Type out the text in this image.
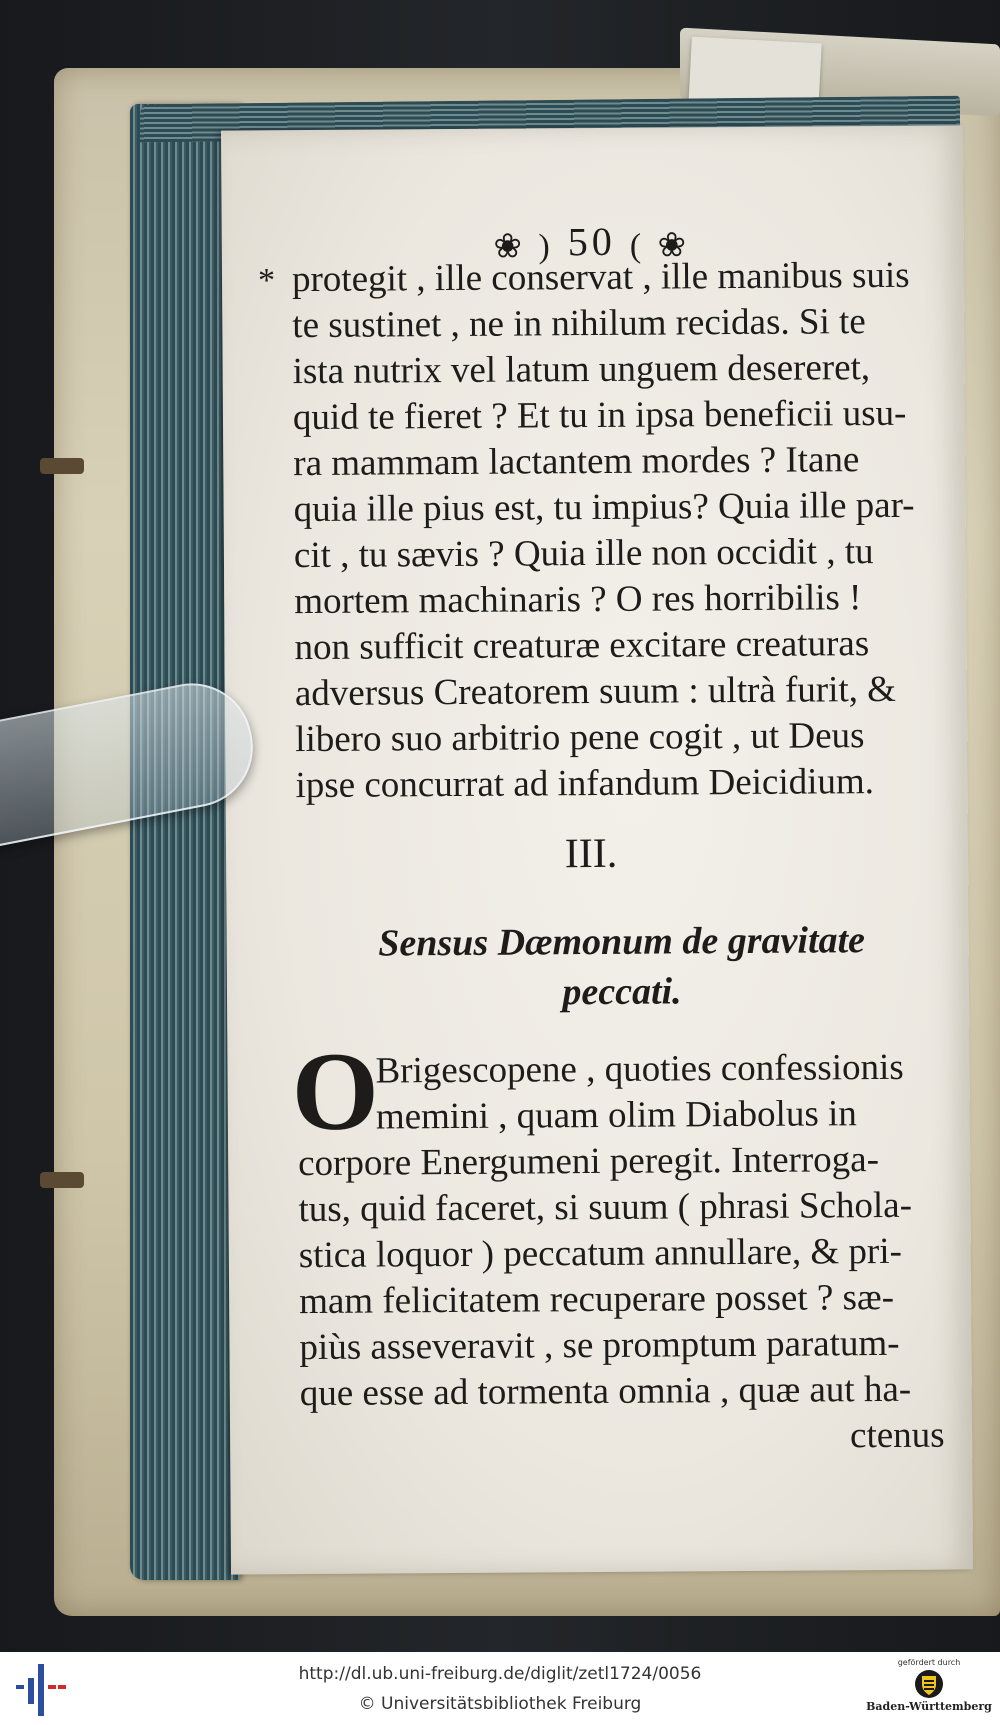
❀ ) 50 ( ❀
* protegit , ille conservat , ille manibus suis
te sustinet , ne in nihilum recidas. Si te
ista nutrix vel latum unguem desereret,
quid te fieret ? Et tu in ipsa beneficii usu-
ra mammam lactantem mordes ? Itane
quia ille pius est, tu impius? Quia ille par-
cit , tu sævis ? Quia ille non occidit , tu
mortem machinaris ? O res horribilis !
non sufficit creaturæ excitare creaturas
adversus Creatorem suum : ultrà furit, &
libero suo arbitrio pene cogit , ut Deus
ipse concurrat ad infandum Deicidium.
III.
Sensus Dæmonum de gravitate
peccati.
O
Brigescopene , quoties confessionis
memini , quam olim Diabolus in
corpore Energumeni peregit. Interroga-
tus, quid faceret, si suum ( phrasi Schola-
stica loquor ) peccatum annullare, & pri-
mam felicitatem recuperare posset ? sæ-
piùs asseveravit , se promptum paratum-
que esse ad tormenta omnia , quæ aut ha-
ctenus
http://dl.ub.uni-freiburg.de/diglit/zetl1724/0056
© Universitätsbibliothek Freiburg
gefördert durch
Baden-Württemberg
